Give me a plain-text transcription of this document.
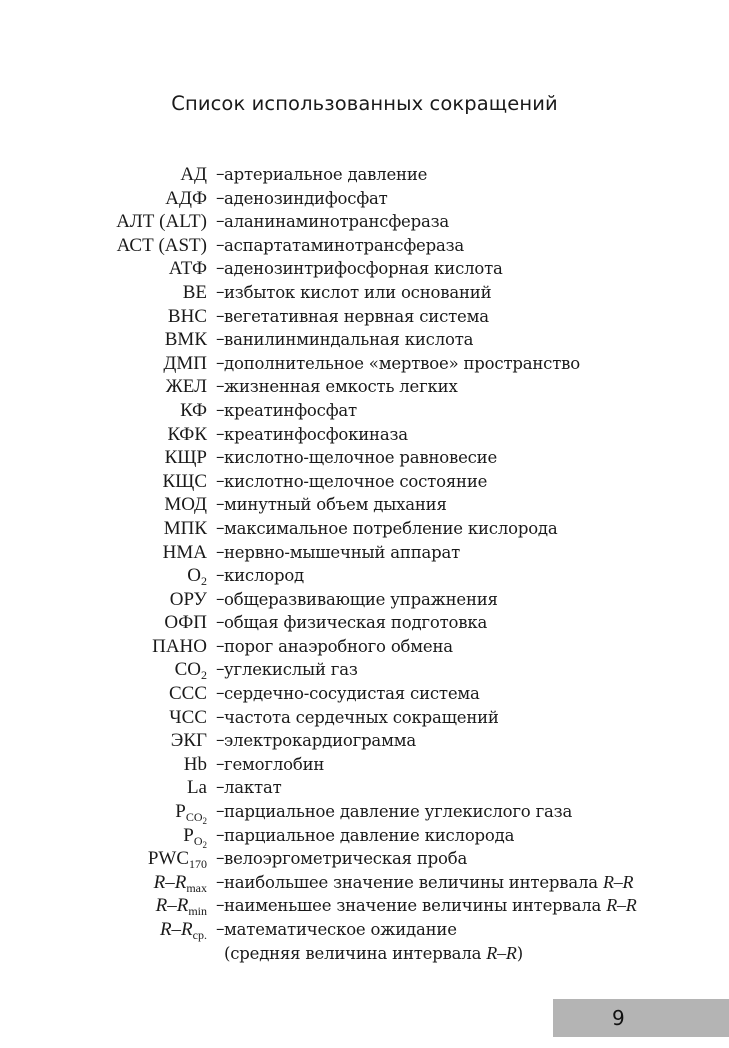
Список использованных сокращений
АД – артериальное давление
АДФ – аденозиндифосфат
АЛТ (ALT) – аланинаминотрансфераза
АСТ (AST) – аспартатаминотрансфераза
АТФ – аденозинтрифосфорная кислота
BE – избыток кислот или оснований
ВНС – вегетативная нервная система
ВМК – ванилинминдальная кислота
ДМП – дополнительное «мертвое» пространство
ЖЕЛ – жизненная емкость легких
КФ – креатинфосфат
КФК – креатинфосфокиназа
КЩР – кислотно-щелочное равновесие
КЩС – кислотно-щелочное состояние
МОД – минутный объем дыхания
МПК – максимальное потребление кислорода
НМА – нервно-мышечный аппарат
$O_2$ – кислород
ОРУ – общеразвивающие упражнения
ОФП – общая физическая подготовка
ПАНО – порог анаэробного обмена
$CO_2$ – углекислый газ
ССС – сердечно-сосудистая система
ЧСС – частота сердечных сокращений
ЭКГ – электрокардиограмма
Hb – гемоглобин
La – лактат
$P_{CO_2}$ – парциальное давление углекислого газа
$P_{O_2}$ – парциальное давление кислорода
$PWC_{170}$ – велоэргометрическая проба
$R-R_{max}$ – наибольшее значение величины интервала R–R
$R-R_{min}$ – наименьшее значение величины интервала R–R
$R-R_{ср.}$ – математическое ожидание
(средняя величина интервала R–R)
9
